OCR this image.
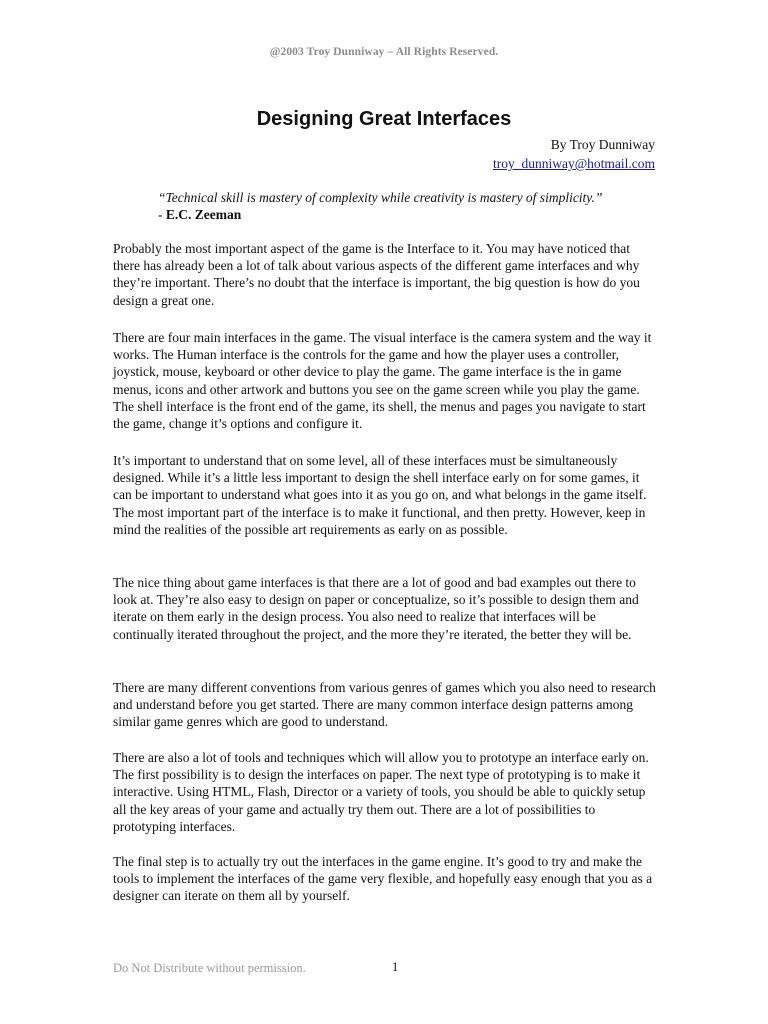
@2003 Troy Dunniway – All Rights Reserved.
Designing Great Interfaces
By Troy Dunniway
troy_dunniway@hotmail.com
“Technical skill is mastery of complexity while creativity is mastery of simplicity.” - E.C. Zeeman

Probably the most important aspect of the game is the Interface to it. You may have noticed that there has already been a lot of talk about various aspects of the different game interfaces and why they’re important. There’s no doubt that the interface is important, the big question is how do you design a great one.

There are four main interfaces in the game. The visual interface is the camera system and the way it works. The Human interface is the controls for the game and how the player uses a controller, joystick, mouse, keyboard or other device to play the game. The game interface is the in game menus, icons and other artwork and buttons you see on the game screen while you play the game. The shell interface is the front end of the game, its shell, the menus and pages you navigate to start the game, change it’s options and configure it.

It’s important to understand that on some level, all of these interfaces must be simultaneously designed. While it’s a little less important to design the shell interface early on for some games, it can be important to understand what goes into it as you go on, and what belongs in the game itself. The most important part of the interface is to make it functional, and then pretty. However, keep in mind the realities of the possible art requirements as early on as possible.

The nice thing about game interfaces is that there are a lot of good and bad examples out there to look at. They’re also easy to design on paper or conceptualize, so it’s possible to design them and iterate on them early in the design process. You also need to realize that interfaces will be continually iterated throughout the project, and the more they’re iterated, the better they will be.

There are many different conventions from various genres of games which you also need to research and understand before you get started. There are many common interface design patterns among similar game genres which are good to understand.

There are also a lot of tools and techniques which will allow you to prototype an interface early on. The first possibility is to design the interfaces on paper. The next type of prototyping is to make it interactive. Using HTML, Flash, Director or a variety of tools, you should be able to quickly setup all the key areas of your game and actually try them out. There are a lot of possibilities to prototyping interfaces.

The final step is to actually try out the interfaces in the game engine. It’s good to try and make the tools to implement the interfaces of the game very flexible, and hopefully easy enough that you as a designer can iterate on them all by yourself.

Do Not Distribute without permission.	1
